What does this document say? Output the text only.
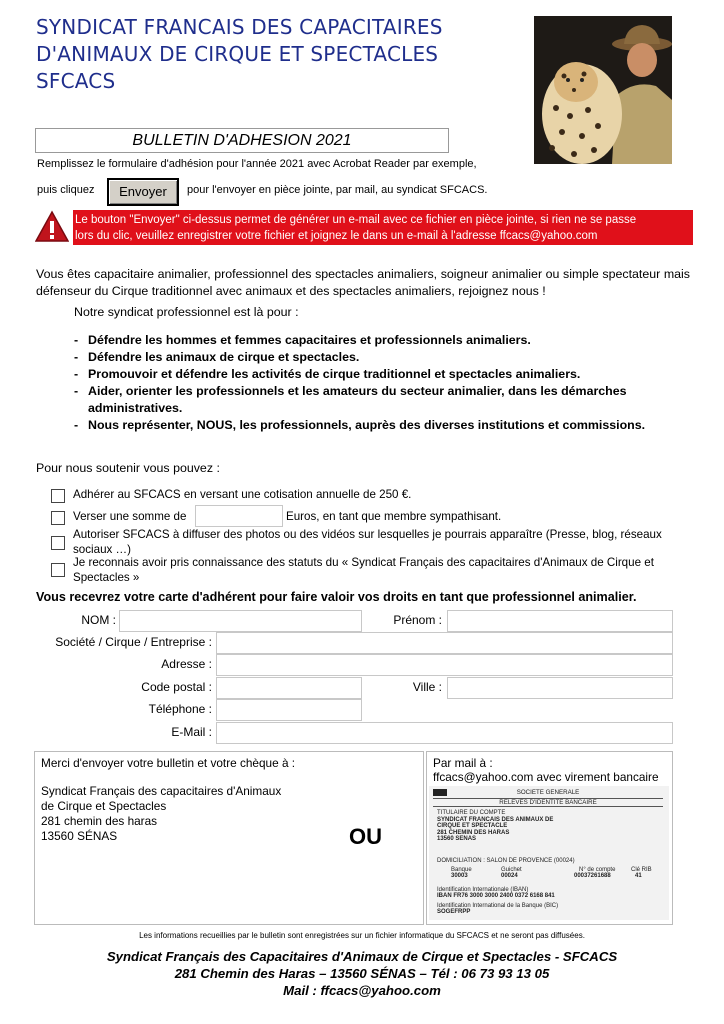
SYNDICAT FRANCAIS DES CAPACITAIRES
D'ANIMAUX DE CIRQUE ET SPECTACLES
SFCACS
BULLETIN D'ADHESION 2021
Remplissez le formulaire d'adhésion pour l'année 2021 avec Acrobat Reader par exemple,
puis cliquez	Envoyer	pour l'envoyer en pièce jointe, par mail, au syndicat SFCACS.
Le bouton "Envoyer" ci-dessus permet de générer un e-mail avec ce fichier en pièce jointe, si rien ne se passe
lors du clic, veuillez enregistrer votre fichier et joignez le dans un e-mail à l'adresse ffcacs@yahoo.com
Vous êtes capacitaire animalier, professionnel des spectacles animaliers, soigneur animalier ou simple spectateur mais défenseur du Cirque traditionnel avec animaux et des spectacles animaliers, rejoignez nous !
Notre syndicat professionnel est là pour :
- Défendre les hommes et femmes capacitaires et professionnels animaliers.
- Défendre les animaux de cirque et spectacles.
- Promouvoir et défendre les activités de cirque traditionnel et spectacles animaliers.
- Aider, orienter les professionnels et les amateurs du secteur animalier, dans les démarches administratives.
- Nous représenter, NOUS, les professionnels, auprès des diverses institutions et commissions.
Pour nous soutenir vous pouvez :
Adhérer au SFCACS en versant une cotisation annuelle de 250 €.
Verser une somme de	Euros, en tant que membre sympathisant.
Autoriser SFCACS à diffuser des photos ou des vidéos sur lesquelles je pourrais apparaître (Presse, blog, réseaux sociaux …)
Je reconnais avoir pris connaissance des statuts du « Syndicat Français des capacitaires d'Animaux de Cirque et Spectacles »
Vous recevrez votre carte d'adhérent pour faire valoir vos droits en tant que professionnel animalier.
NOM :	Prénom :
Société / Cirque / Entreprise :
Adresse :
Code postal :	Ville :
Téléphone :
E-Mail :
Merci d'envoyer votre bulletin et votre chèque à :
Syndicat Français des capacitaires d'Animaux
de Cirque et Spectacles
281 chemin des haras
13560 SÉNAS	OU
Par mail à :
ffcacs@yahoo.com avec virement bancaire
SOCIETE GENERALE
RELEVES D'IDENTITE BANCAIRE
TITULAIRE DU COMPTE
SYNDICAT FRANCAIS DES ANIMAUX DE
CIRQUE ET SPECTACLE
281 CHEMIN DES HARAS
13560 SENAS
DOMICILIATION : SALON DE PROVENCE (00024)
Banque	Guichet	N° de compte	Clé RIB
30003	00024	00037261688	41
Identification Internationale (IBAN)
IBAN FR76 3000 3000 2400 0372 6168 841
Identification International de la Banque (BIC)
SOGEFRPP
Les informations recueillies par le bulletin sont enregistrées sur un fichier informatique du SFCACS et ne seront pas diffusées.
Syndicat Français des Capacitaires d'Animaux de Cirque et Spectacles - SFCACS
281 Chemin des Haras – 13560 SÉNAS – Tél : 06 73 93 13 05
Mail : ffcacs@yahoo.com
